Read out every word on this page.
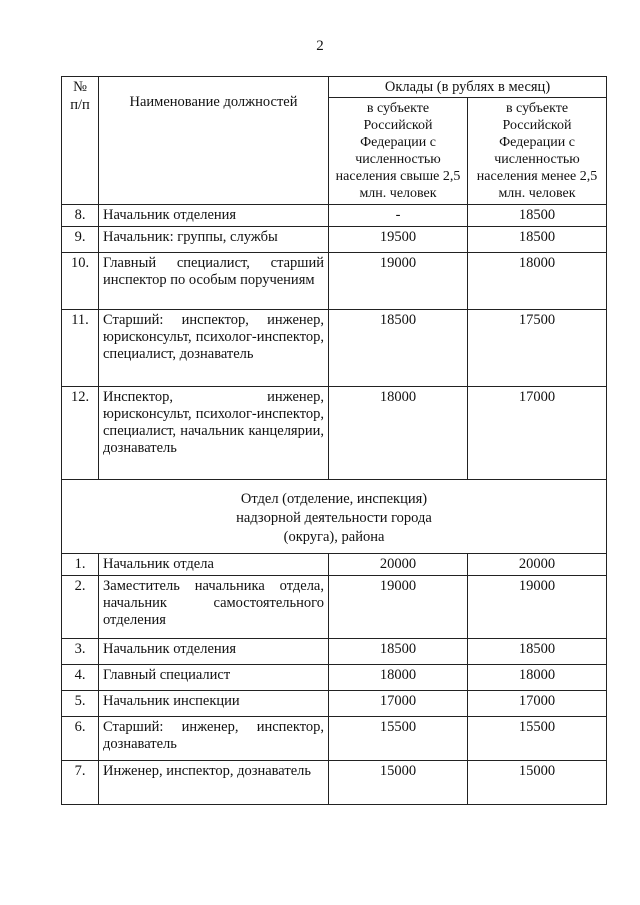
2
№ п/п	Наименование должностей	Оклады (в рублях в месяц)	
		в субъекте Российской Федерации с численностью населения свыше 2,5 млн. человек	в субъекте Российской Федерации с численностью населения менее 2,5 млн. человек
8.	Начальник отделения	-	18500
9.	Начальник: группы, службы	19500	18500
10.	Главный специалист, старший инспектор по особым поручениям	19000	18000
11.	Старший: инспектор, инженер, юрисконсульт, психолог-инспектор, специалист, дознаватель	18500	17500
12.	Инспектор, инженер, юрисконсульт, психолог-инспектор, специалист, начальник канцелярии, дознаватель	18000	17000
Отдел (отделение, инспекция) надзорной деятельности города (округа), района			
1.	Начальник отдела	20000	20000
2.	Заместитель начальника отдела, начальник самостоятельного отделения	19000	19000
3.	Начальник отделения	18500	18500
4.	Главный специалист	18000	18000
5.	Начальник инспекции	17000	17000
6.	Старший: инженер, инспектор, дознаватель	15500	15500
7.	Инженер, инспектор, дознаватель	15000	15000
